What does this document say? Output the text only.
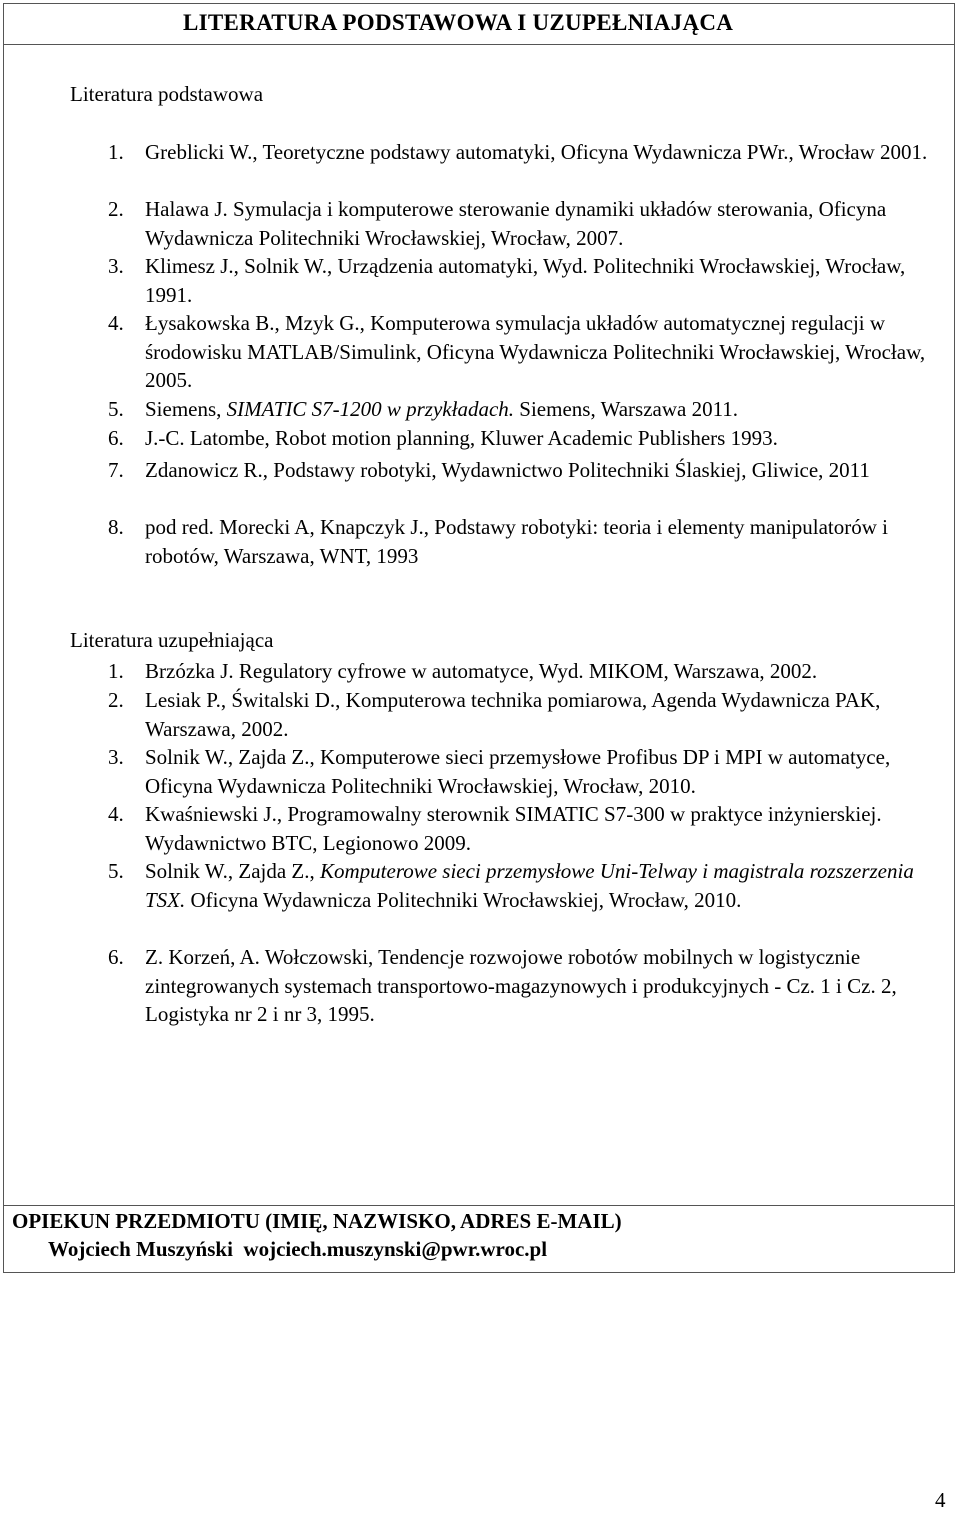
LITERATURA PODSTAWOWA I UZUPEŁNIAJĄCA
Literatura podstawowa
1. Greblicki W., Teoretyczne podstawy automatyki, Oficyna Wydawnicza PWr., Wrocław 2001.
2. Halawa J. Symulacja i komputerowe sterowanie dynamiki układów sterowania, Oficyna Wydawnicza Politechniki Wrocławskiej, Wrocław, 2007.
3. Klimesz J., Solnik W., Urządzenia automatyki, Wyd. Politechniki Wrocławskiej, Wrocław, 1991.
4. Łysakowska B., Mzyk G., Komputerowa symulacja układów automatycznej regulacji w środowisku MATLAB/Simulink, Oficyna Wydawnicza Politechniki Wrocławskiej, Wrocław, 2005.
5. Siemens, SIMATIC S7-1200 w przykładach. Siemens, Warszawa 2011.
6. J.-C. Latombe, Robot motion planning, Kluwer Academic Publishers 1993.
7. Zdanowicz R., Podstawy robotyki, Wydawnictwo Politechniki Ślaskiej, Gliwice, 2011
8. pod red. Morecki A, Knapczyk J., Podstawy robotyki: teoria i elementy manipulatorów i robotów, Warszawa, WNT, 1993
Literatura uzupełniająca
1. Brzózka J. Regulatory cyfrowe w automatyce, Wyd. MIKOM, Warszawa, 2002.
2. Lesiak P., Świtalski D., Komputerowa technika pomiarowa, Agenda Wydawnicza PAK, Warszawa, 2002.
3. Solnik W., Zajda Z., Komputerowe sieci przemysłowe Profibus DP i MPI w automatyce, Oficyna Wydawnicza Politechniki Wrocławskiej, Wrocław, 2010.
4. Kwaśniewski J., Programowalny sterownik SIMATIC S7-300 w praktyce inżynierskiej. Wydawnictwo BTC, Legionowo 2009.
5. Solnik W., Zajda Z., Komputerowe sieci przemysłowe Uni-Telway i magistrala rozszerzenia TSX. Oficyna Wydawnicza Politechniki Wrocławskiej, Wrocław, 2010.
6. Z. Korzeń, A. Wołczowski, Tendencje rozwojowe robotów mobilnych w logistycznie zintegrowanych systemach transportowo-magazynowych i produkcyjnych - Cz. 1 i Cz. 2, Logistyka nr 2 i nr 3, 1995.
OPIEKUN PRZEDMIOTU (IMIĘ, NAZWISKO, ADRES E-MAIL)
Wojciech Muszyński  wojciech.muszynski@pwr.wroc.pl
4
